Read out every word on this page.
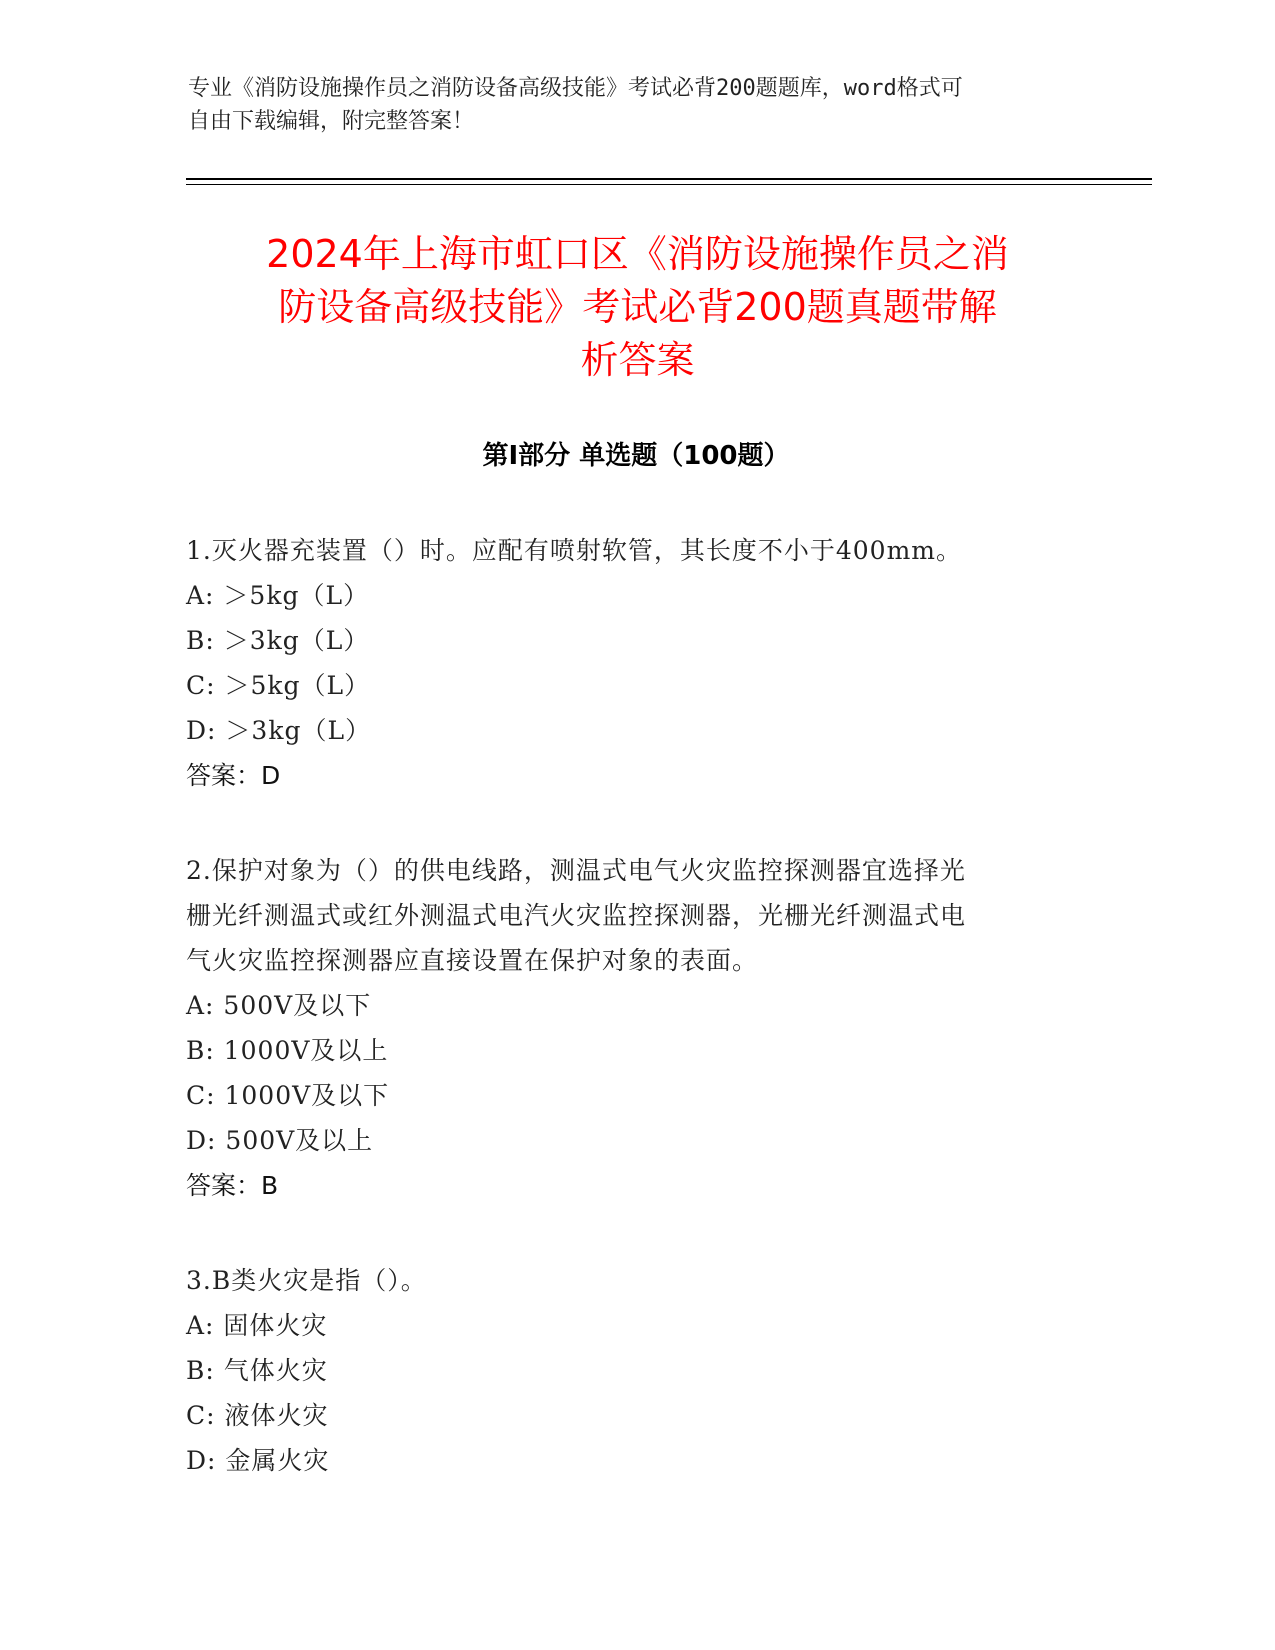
专业《消防设施操作员之消防设备高级技能》考试必背200题题库，word格式可
自由下载编辑，附完整答案！
2024年上海市虹口区《消防设施操作员之消
防设备高级技能》考试必背200题真题带解
析答案
第Ⅰ部分 单选题（100题）

1.灭火器充装置（）时。应配有喷射软管，其长度不小于400mm。

A: ＞5kg（L）

B: ＞3kg（L）

C: ＞5kg（L）

D: ＞3kg（L）

答案：D

2.保护对象为（）的供电线路，测温式电气火灾监控探测器宜选择光

栅光纤测温式或红外测温式电汽火灾监控探测器，光栅光纤测温式电

气火灾监控探测器应直接设置在保护对象的表面。

A: 500V及以下

B: 1000V及以上

C: 1000V及以下

D: 500V及以上

答案：B

3.B类火灾是指（）。

A: 固体火灾

B: 气体火灾

C: 液体火灾

D: 金属火灾
